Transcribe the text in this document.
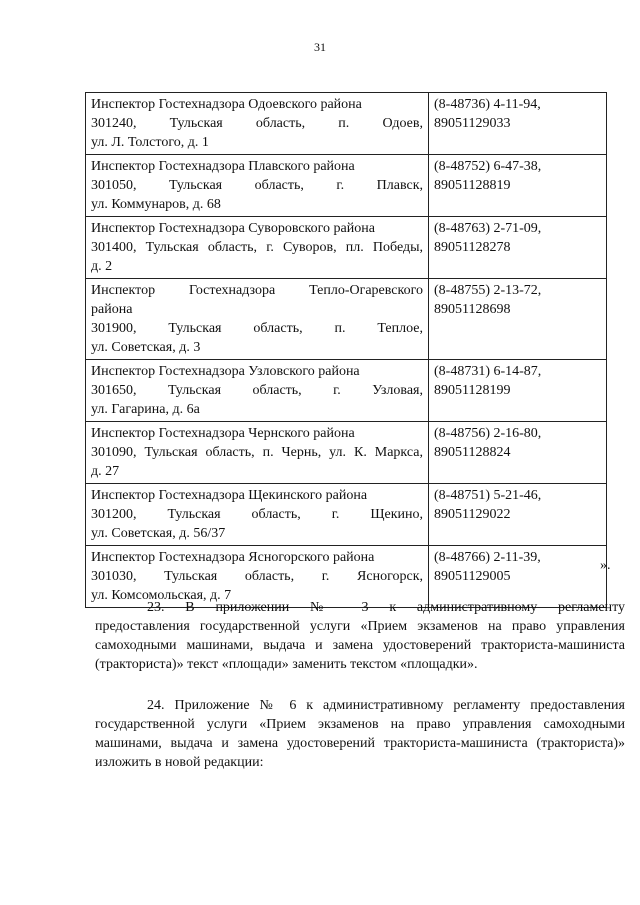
31
Инспектор Гостехнадзора Одоевского района
301240, Тульская область, п. Одоев,
ул. Л. Толстого, д. 1	(8-48736) 4-11-94,
89051129033

Инспектор Гостехнадзора Плавского района
301050, Тульская область, г. Плавск,
ул. Коммунаров, д. 68	(8-48752) 6-47-38,
89051128819

Инспектор Гостехнадзора Суворовского района
301400, Тульская область, г. Суворов, пл. Победы,
д. 2	(8-48763) 2-71-09,
89051128278

Инспектор Гостехнадзора Тепло-Огаревского
района
301900, Тульская область, п. Теплое,
ул. Советская, д. 3	(8-48755) 2-13-72,
89051128698

Инспектор Гостехнадзора Узловского района
301650, Тульская область, г. Узловая,
ул. Гагарина, д. 6а	(8-48731) 6-14-87,
89051128199

Инспектор Гостехнадзора Чернского района
301090, Тульская область, п. Чернь, ул. К. Маркса,
д. 27	(8-48756) 2-16-80,
89051128824

Инспектор Гостехнадзора Щекинского района
301200, Тульская область, г. Щекино,
ул. Советская, д. 56/37	(8-48751) 5-21-46,
89051129022

Инспектор Гостехнадзора Ясногорского района
301030, Тульская область, г. Ясногорск,
ул. Комсомольская, д. 7	(8-48766) 2-11-39,
89051129005
».
23. В приложении № 3 к административному регламенту
предоставления государственной услуги «Прием экзаменов на право управления самоходными машинами, выдача и замена удостоверений тракториста-машиниста (тракториста)» текст «площади» заменить текстом «площадки».
24. Приложение № 6 к административному регламенту предоставления
государственной услуги «Прием экзаменов на право управления самоходными машинами, выдача и замена удостоверений тракториста-машиниста (тракториста)» изложить в новой редакции:
